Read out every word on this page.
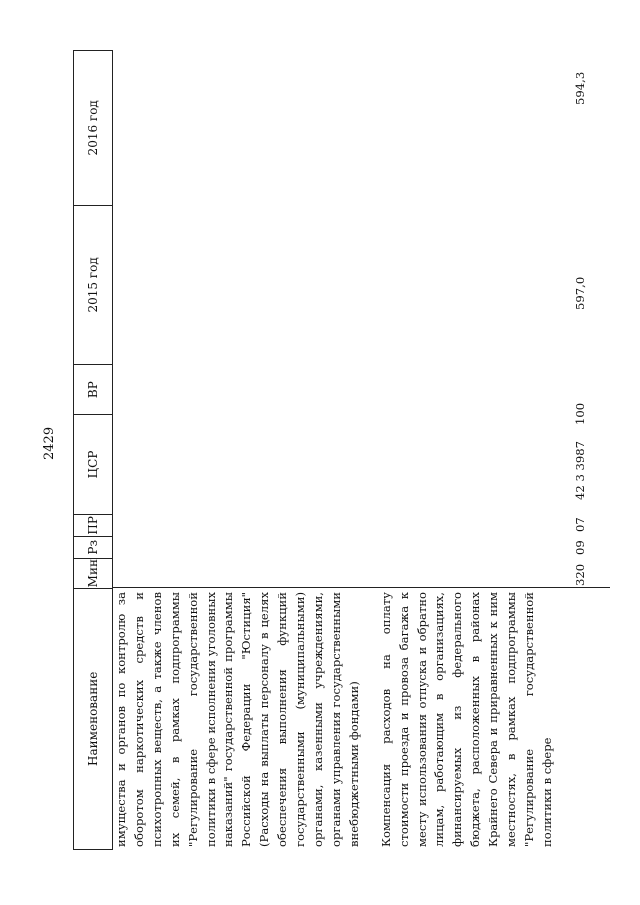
2429
Наименование
Мин
Рз
ПР
ЦСР
ВР
2015 год
2016 год

имущества и органов по контролю за оборотом наркотических средств и психотропных веществ, а также членов их семей, в рамках подпрограммы "Регулирование государственной политики в сфере исполнения уголовных наказаний" государственной программы Российской Федерации "Юстиция" (Расходы на выплаты персоналу в целях обеспечения выполнения функций государственными (муниципальными) органами, казенными учреждениями, органами управления государственными внебюджетными фондами) Компенсация расходов на оплату стоимости проезда и провоза багажа к месту использования отпуска и обратно лицам, работающим в организациях, финансируемых из федерального бюджета, расположенных в районах Крайнего Севера и приравненных к ним местностях, в рамках подпрограммы "Регулирование государственной политики в сфере

320
09
07
42 3 3987
100
597,0
594,3
